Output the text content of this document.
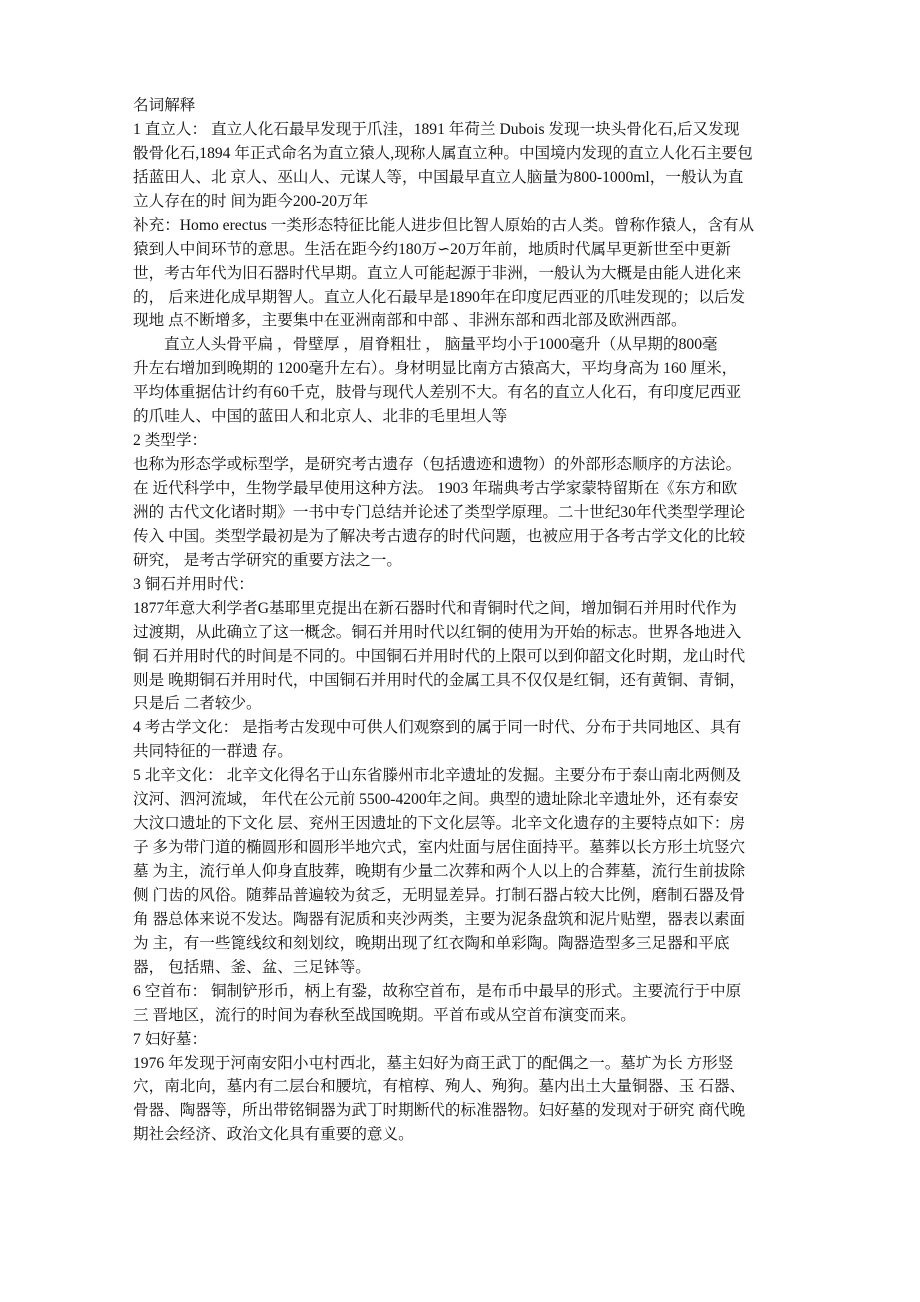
名词解释
1 直立人： 直立人化石最早发现于爪洼，1891 年荷兰 Dubois 发现一块头骨化石,后又发现
骰骨化石,1894 年正式命名为直立猿人,现称人属直立种。中国境内发现的直立人化石主要包
括蓝田人、北 京人、巫山人、元谋人等，中国最早直立人脑量为800-1000ml，一般认为直
立人存在的时 间为距今200-20万年
补充：Homo erectus 一类形态特征比能人进步但比智人原始的古人类。曾称作猿人，含有从
猿到人中间环节的意思。生活在距今约180万∽20万年前，地质时代属早更新世至中更新
世，考古年代为旧石器时代早期。直立人可能起源于非洲，一般认为大概是由能人进化来
的， 后来进化成早期智人。直立人化石最早是1890年在印度尼西亚的爪哇发现的；以后发
现地 点不断增多，主要集中在亚洲南部和中部 、非洲东部和西北部及欧洲西部。
直立人头骨平扁 ，骨壁厚 ，眉脊粗壮 ， 脑量平均小于1000毫升（从早期的800毫
升左右增加到晚期的 1200毫升左右）。身材明显比南方古猿高大，平均身高为 160 厘米，
平均体重据估计约有60千克，肢骨与现代人差别不大。有名的直立人化石，有印度尼西亚
的爪哇人、中国的蓝田人和北京人、北非的毛里坦人等
2 类型学：
也称为形态学或标型学，是研究考古遗存（包括遗迹和遗物）的外部形态顺序的方法论。
在 近代科学中，生物学最早使用这种方法。 1903 年瑞典考古学家蒙特留斯在《东方和欧
洲的 古代文化诸时期》一书中专门总结并论述了类型学原理。二十世纪30年代类型学理论
传入 中国。类型学最初是为了解决考古遗存的时代问题，也被应用于各考古学文化的比较
研究， 是考古学研究的重要方法之一。
3 铜石并用时代：
1877年意大利学者G基耶里克提出在新石器时代和青铜时代之间，增加铜石并用时代作为
过渡期，从此确立了这一概念。铜石并用时代以红铜的使用为开始的标志。世界各地进入
铜 石并用时代的时间是不同的。中国铜石并用时代的上限可以到仰韶文化时期，龙山时代
则是 晚期铜石并用时代，中国铜石并用时代的金属工具不仅仅是红铜，还有黄铜、青铜，
只是后 二者较少。
4 考古学文化： 是指考古发现中可供人们观察到的属于同一时代、分布于共同地区、具有
共同特征的一群遗 存。
5 北辛文化： 北辛文化得名于山东省滕州市北辛遗址的发掘。主要分布于泰山南北两侧及
汶河、泗河流域， 年代在公元前 5500-4200年之间。典型的遗址除北辛遗址外，还有泰安
大汶口遗址的下文化 层、兖州王因遗址的下文化层等。北辛文化遗存的主要特点如下：房
子 多为带门道的椭圆形和圆形半地穴式，室内灶面与居住面持平。墓葬以长方形土坑竖穴
墓 为主，流行单人仰身直肢葬，晚期有少量二次葬和两个人以上的合葬墓，流行生前拔除
侧 门齿的风俗。随葬品普遍较为贫乏，无明显差异。打制石器占较大比例，磨制石器及骨
角 器总体来说不发达。陶器有泥质和夹沙两类，主要为泥条盘筑和泥片贴塑，器表以素面
为 主，有一些篦线纹和刻划纹，晚期出现了红衣陶和单彩陶。陶器造型多三足器和平底
器， 包括鼎、釜、盆、三足钵等。
6 空首布： 铜制铲形币，柄上有銎，故称空首布，是布币中最早的形式。主要流行于中原
三 晋地区，流行的时间为春秋至战国晚期。平首布或从空首布演变而来。
7 妇好墓：
1976 年发现于河南安阳小屯村西北，墓主妇好为商王武丁的配偶之一。墓圹为长 方形竖
穴，南北向，墓内有二层台和腰坑，有棺椁、殉人、殉狗。墓内出土大量铜器、玉 石器、
骨器、陶器等，所出带铭铜器为武丁时期断代的标准器物。妇好墓的发现对于研究 商代晚
期社会经济、政治文化具有重要的意义。
